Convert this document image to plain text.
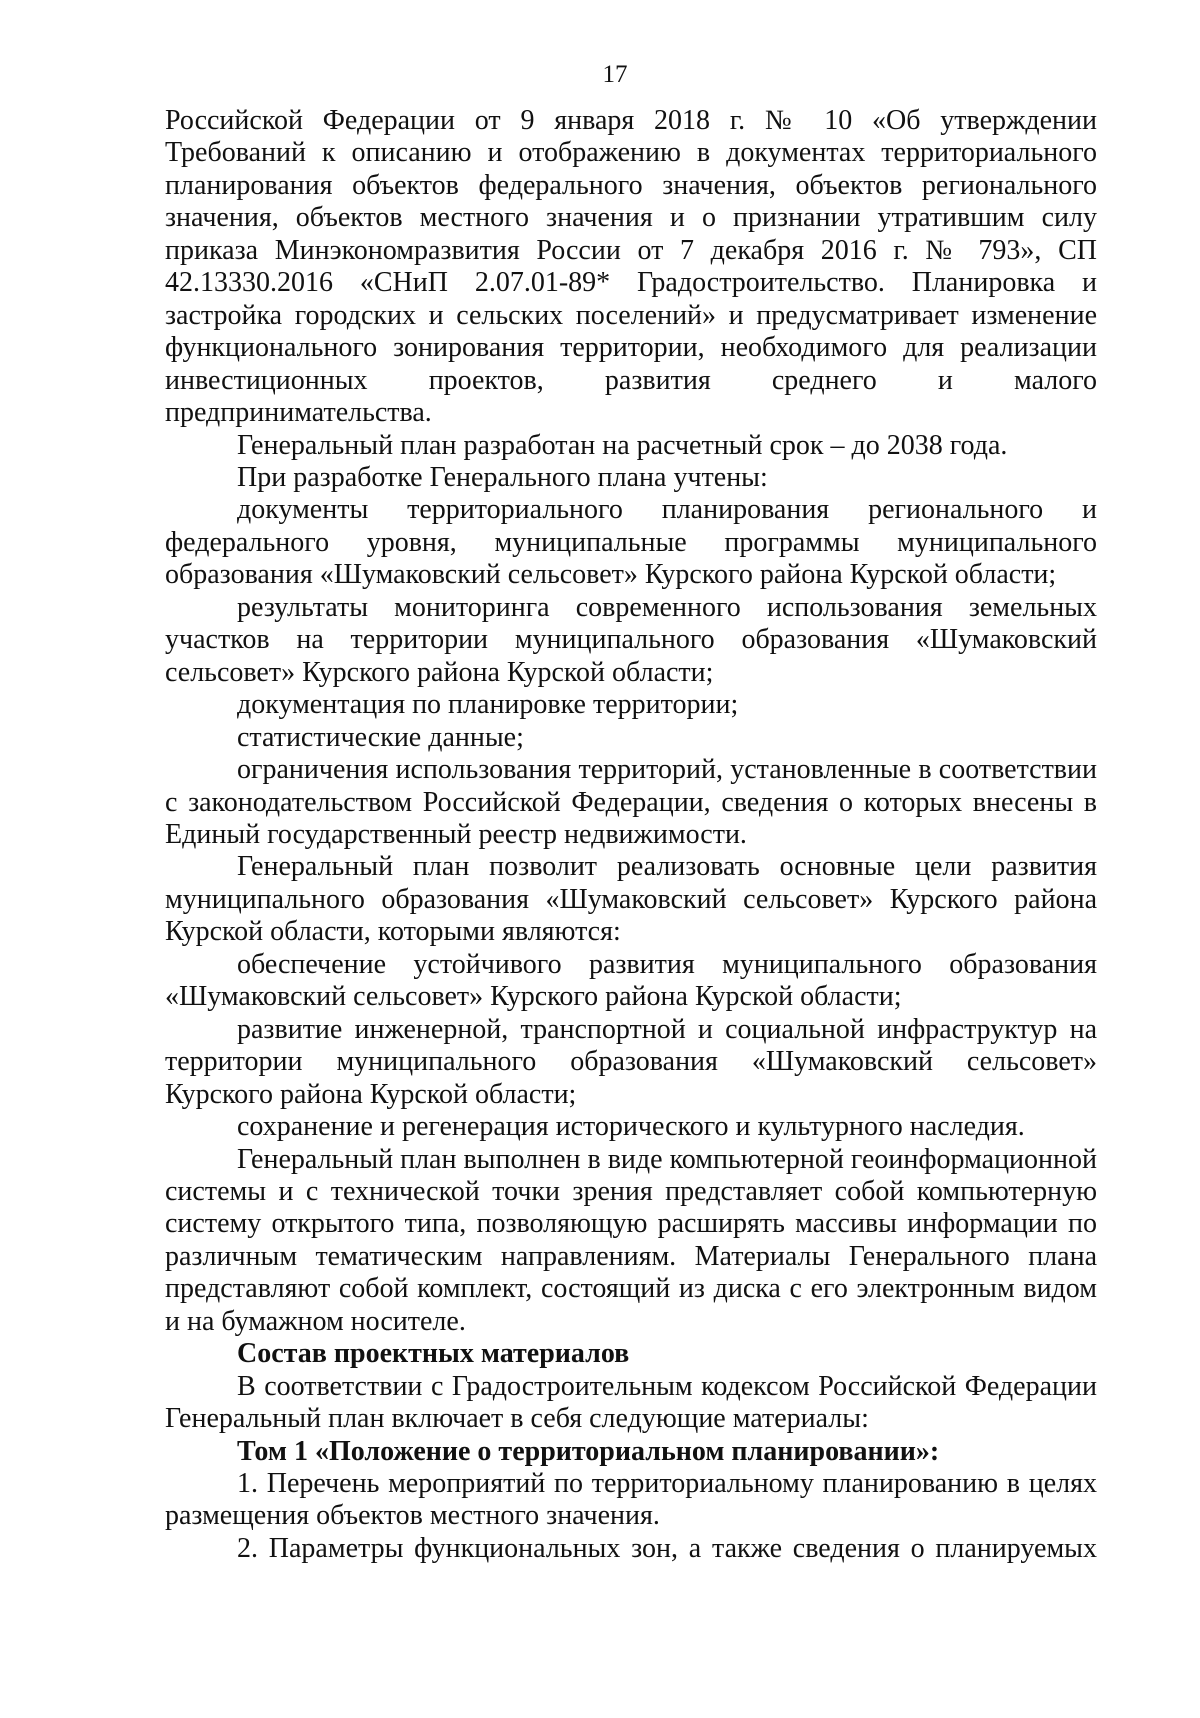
17

Российской Федерации от 9 января 2018 г. № 10 «Об утверждении Требований к описанию и отображению в документах территориального планирования объектов федерального значения, объектов регионального значения, объектов местного значения и о признании утратившим силу приказа Минэкономразвития России от 7 декабря 2016 г. № 793», СП 42.13330.2016 «СНиП 2.07.01-89* Градостроительство. Планировка и застройка городских и сельских поселений» и предусматривает изменение функционального зонирования территории, необходимого для реализации инвестиционных проектов, развития среднего и малого предпринимательства.

Генеральный план разработан на расчетный срок – до 2038 года.

При разработке Генерального плана учтены:

документы территориального планирования регионального и федерального уровня, муниципальные программы муниципального образования «Шумаковский сельсовет» Курского района Курской области;

результаты мониторинга современного использования земельных участков на территории муниципального образования «Шумаковский сельсовет» Курского района Курской области;

документация по планировке территории;

статистические данные;

ограничения использования территорий, установленные в соответствии с законодательством Российской Федерации, сведения о которых внесены в Единый государственный реестр недвижимости.

Генеральный план позволит реализовать основные цели развития муниципального образования «Шумаковский сельсовет» Курского района Курской области, которыми являются:

обеспечение устойчивого развития муниципального образования «Шумаковский сельсовет» Курского района Курской области;

развитие инженерной, транспортной и социальной инфраструктур на территории муниципального образования «Шумаковский сельсовет» Курского района Курской области;

сохранение и регенерация исторического и культурного наследия.

Генеральный план выполнен в виде компьютерной геоинформационной системы и с технической точки зрения представляет собой компьютерную систему открытого типа, позволяющую расширять массивы информации по различным тематическим направлениям. Материалы Генерального плана представляют собой комплект, состоящий из диска с его электронным видом и на бумажном носителе.

Состав проектных материалов

В соответствии с Градостроительным кодексом Российской Федерации Генеральный план включает в себя следующие материалы:

Том 1 «Положение о территориальном планировании»:

1. Перечень мероприятий по территориальному планированию в целях размещения объектов местного значения.

2. Параметры функциональных зон, а также сведения о планируемых
